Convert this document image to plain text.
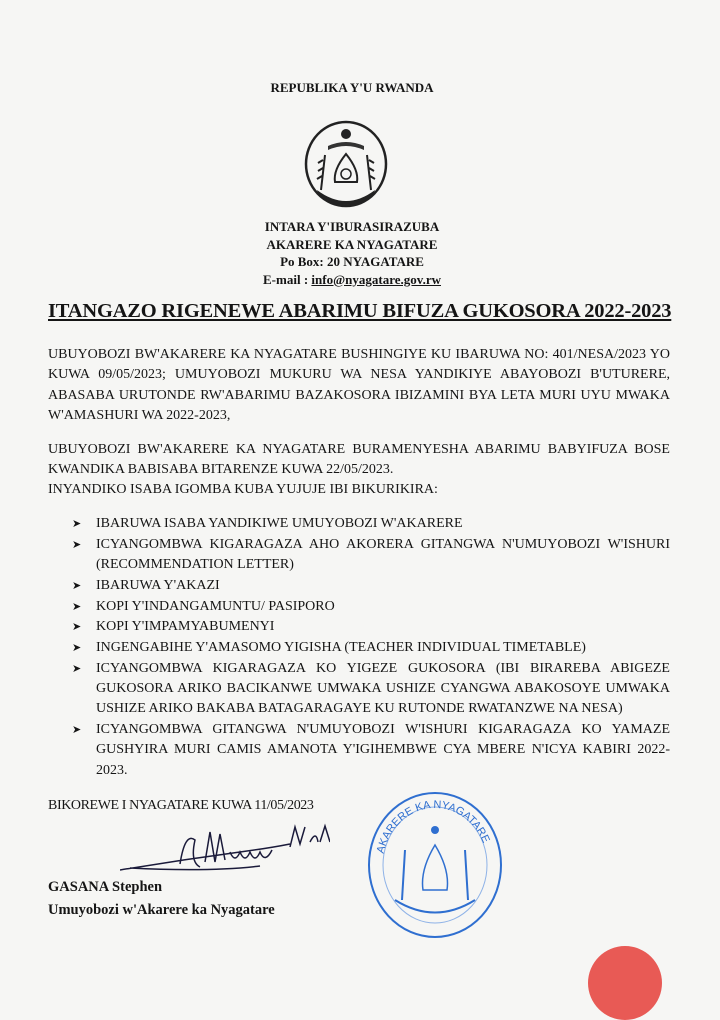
REPUBLIKA Y'U RWANDA
INTARA Y'IBURASIRAZUBA
AKARERE KA NYAGATARE
Po Box: 20 NYAGATARE
E-mail : info@nyagatare.gov.rw
ITANGAZO RIGENEWE ABARIMU BIFUZA GUKOSORA 2022-2023
UBUYOBOZI BW'AKARERE KA NYAGATARE BUSHINGIYE KU IBARUWA NO: 401/NESA/2023 YO KUWA 09/05/2023; UMUYOBOZI MUKURU WA NESA YANDIKIYE ABAYOBOZI B'UTURERE, ABASABA URUTONDE RW'ABARIMU BAZAKOSORA IBIZAMINI BYA LETA MURI UYU MWAKA W'AMASHURI WA 2022-2023,
UBUYOBOZI BW'AKARERE KA NYAGATARE BURAMENYESHA ABARIMU BABYIFUZA BOSE KWANDIKA BABISABA BITARENZE KUWA 22/05/2023.
INYANDIKO ISABA IGOMBA KUBA YUJUJE IBI BIKURIKIRA:
➤ IBARUWA ISABA YANDIKIWE UMUYOBOZI W'AKARERE
➤ ICYANGOMBWA KIGARAGAZA AHO AKORERA GITANGWA N'UMUYOBOZI W'ISHURI (RECOMMENDATION LETTER)
➤ IBARUWA Y'AKAZI
➤ KOPI Y'INDANGAMUNTU/ PASIPORO
➤ KOPI Y'IMPAMYABUMENYI
➤ INGENGABIHE Y'AMASOMO YIGISHA (TEACHER INDIVIDUAL TIMETABLE)
➤ ICYANGOMBWA KIGARAGAZA KO YIGEZE GUKOSORA (IBI BIRAREBA ABIGEZE GUKOSORA ARIKO BACIKANWE UMWAKA USHIZE CYANGWA ABAKOSOYE UMWAKA USHIZE ARIKO BAKABA BATAGARAGAYE KU RUTONDE RWATANZWE NA NESA)
➤ ICYANGOMBWA GITANGWA N'UMUYOBOZI W'ISHURI KIGARAGAZA KO YAMAZE GUSHYIRA MURI CAMIS AMANOTA Y'IGIHEMBWE CYA MBERE N'ICYA KABIRI 2022-2023.
BIKOREWE I NYAGATARE KUWA 11/05/2023
GASANA Stephen
Umuyobozi w'Akarere ka Nyagatare
AKARERE KA NYAGATARE
